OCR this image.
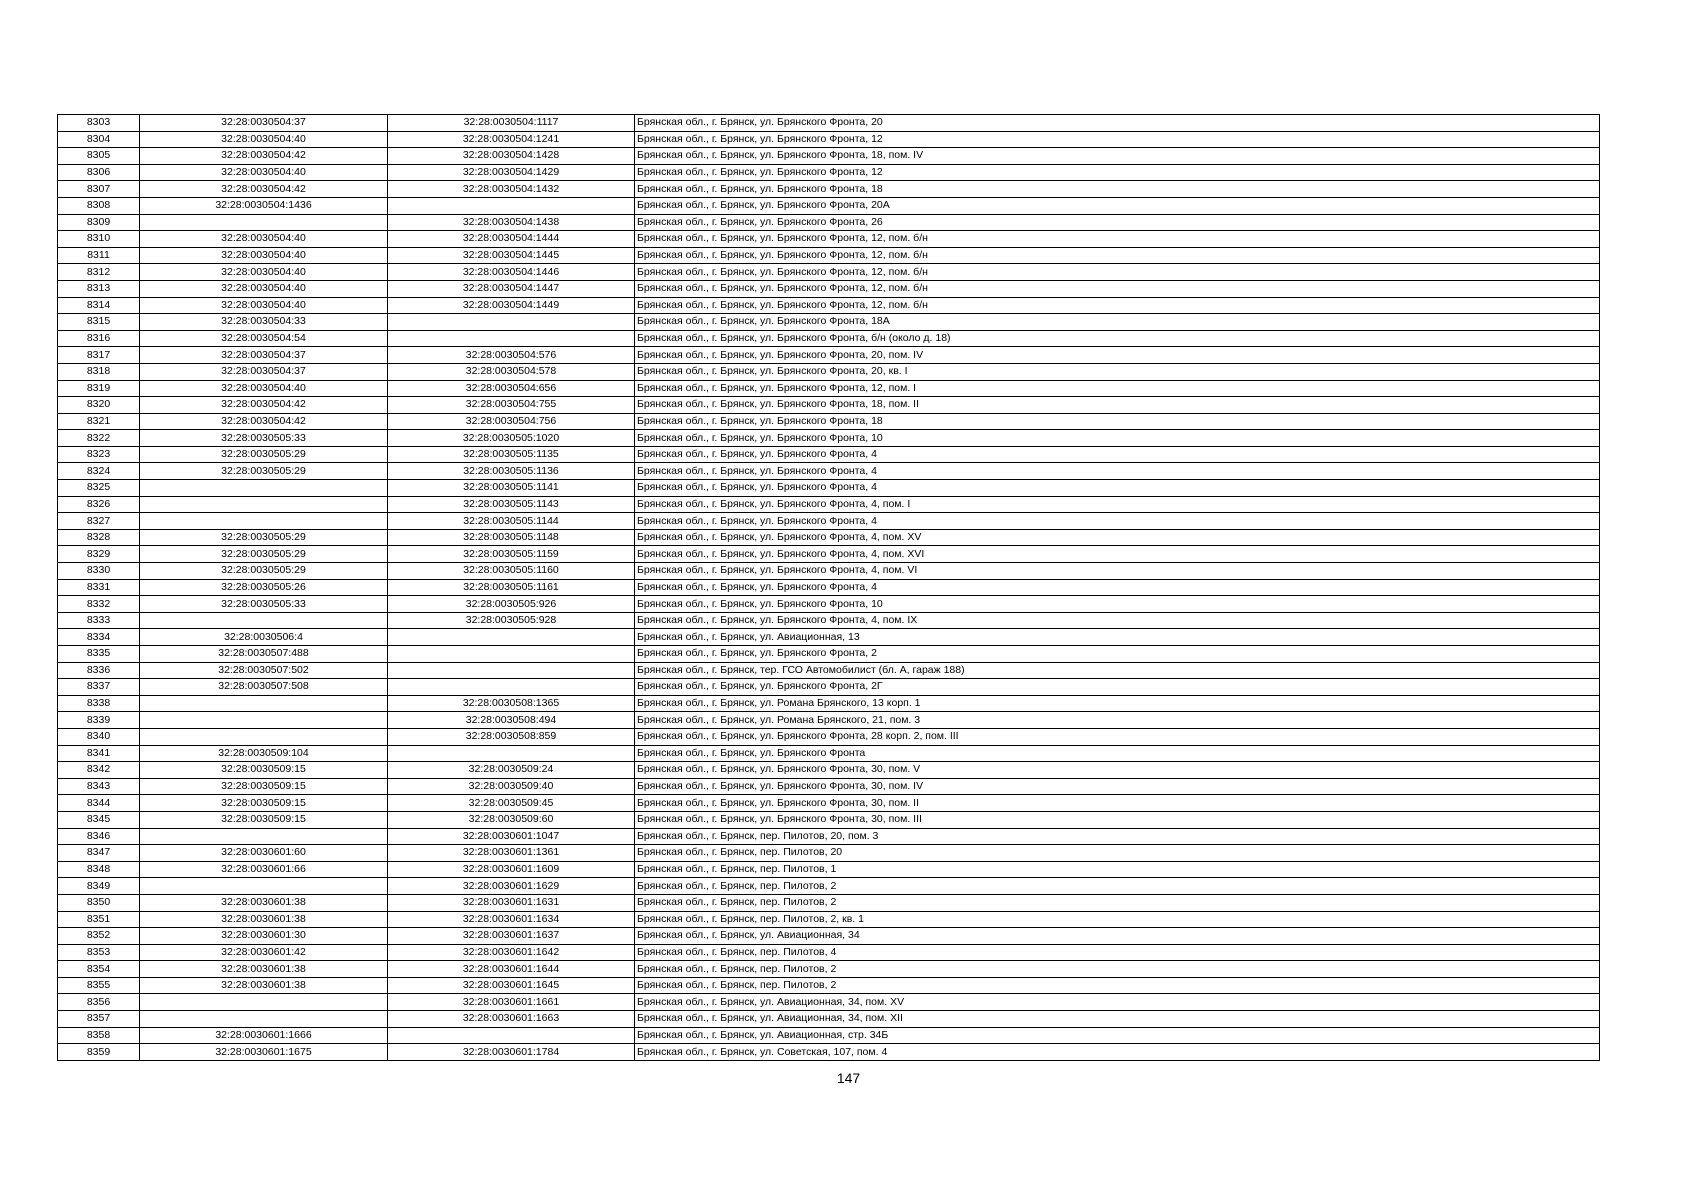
8303	32:28:0030504:37	32:28:0030504:1117	Брянская обл., г. Брянск, ул. Брянского Фронта, 20
8304	32:28:0030504:40	32:28:0030504:1241	Брянская обл., г. Брянск, ул. Брянского Фронта, 12
8305	32:28:0030504:42	32:28:0030504:1428	Брянская обл., г. Брянск, ул. Брянского Фронта, 18, пом. IV
8306	32:28:0030504:40	32:28:0030504:1429	Брянская обл., г. Брянск, ул. Брянского Фронта, 12
8307	32:28:0030504:42	32:28:0030504:1432	Брянская обл., г. Брянск, ул. Брянского Фронта, 18
8308	32:28:0030504:1436		Брянская обл., г. Брянск, ул. Брянского Фронта, 20А
8309		32:28:0030504:1438	Брянская обл., г. Брянск, ул. Брянского Фронта, 26
8310	32:28:0030504:40	32:28:0030504:1444	Брянская обл., г. Брянск, ул. Брянского Фронта, 12, пом. б/н
8311	32:28:0030504:40	32:28:0030504:1445	Брянская обл., г. Брянск, ул. Брянского Фронта, 12, пом. б/н
8312	32:28:0030504:40	32:28:0030504:1446	Брянская обл., г. Брянск, ул. Брянского Фронта, 12, пом. б/н
8313	32:28:0030504:40	32:28:0030504:1447	Брянская обл., г. Брянск, ул. Брянского Фронта, 12, пом. б/н
8314	32:28:0030504:40	32:28:0030504:1449	Брянская обл., г. Брянск, ул. Брянского Фронта, 12, пом. б/н
8315	32:28:0030504:33		Брянская обл., г. Брянск, ул. Брянского Фронта, 18А
8316	32:28:0030504:54		Брянская обл., г. Брянск, ул. Брянского Фронта, б/н (около д. 18)
8317	32:28:0030504:37	32:28:0030504:576	Брянская обл., г. Брянск, ул. Брянского Фронта, 20, пом. IV
8318	32:28:0030504:37	32:28:0030504:578	Брянская обл., г. Брянск, ул. Брянского Фронта, 20, кв. I
8319	32:28:0030504:40	32:28:0030504:656	Брянская обл., г. Брянск, ул. Брянского Фронта, 12, пом. I
8320	32:28:0030504:42	32:28:0030504:755	Брянская обл., г. Брянск, ул. Брянского Фронта, 18, пом. II
8321	32:28:0030504:42	32:28:0030504:756	Брянская обл., г. Брянск, ул. Брянского Фронта, 18
8322	32:28:0030505:33	32:28:0030505:1020	Брянская обл., г. Брянск, ул. Брянского Фронта, 10
8323	32:28:0030505:29	32:28:0030505:1135	Брянская обл., г. Брянск, ул. Брянского Фронта, 4
8324	32:28:0030505:29	32:28:0030505:1136	Брянская обл., г. Брянск, ул. Брянского Фронта, 4
8325		32:28:0030505:1141	Брянская обл., г. Брянск, ул. Брянского Фронта, 4
8326		32:28:0030505:1143	Брянская обл., г. Брянск, ул. Брянского Фронта, 4, пом. I
8327		32:28:0030505:1144	Брянская обл., г. Брянск, ул. Брянского Фронта, 4
8328	32:28:0030505:29	32:28:0030505:1148	Брянская обл., г. Брянск, ул. Брянского Фронта, 4, пом. XV
8329	32:28:0030505:29	32:28:0030505:1159	Брянская обл., г. Брянск, ул. Брянского Фронта, 4, пом. XVI
8330	32:28:0030505:29	32:28:0030505:1160	Брянская обл., г. Брянск, ул. Брянского Фронта, 4, пом. VI
8331	32:28:0030505:26	32:28:0030505:1161	Брянская обл., г. Брянск, ул. Брянского Фронта, 4
8332	32:28:0030505:33	32:28:0030505:926	Брянская обл., г. Брянск, ул. Брянского Фронта, 10
8333		32:28:0030505:928	Брянская обл., г. Брянск, ул. Брянского Фронта, 4, пом. IX
8334	32:28:0030506:4		Брянская обл., г. Брянск, ул. Авиационная, 13
8335	32:28:0030507:488		Брянская обл., г. Брянск, ул. Брянского Фронта, 2
8336	32:28:0030507:502		Брянская обл., г. Брянск, тер. ГСО Автомобилист (бл. А, гараж 188)
8337	32:28:0030507:508		Брянская обл., г. Брянск, ул. Брянского Фронта, 2Г
8338		32:28:0030508:1365	Брянская обл., г. Брянск, ул. Романа Брянского, 13 корп. 1
8339		32:28:0030508:494	Брянская обл., г. Брянск, ул. Романа Брянского, 21, пом. 3
8340		32:28:0030508:859	Брянская обл., г. Брянск, ул. Брянского Фронта, 28 корп. 2, пом. III
8341	32:28:0030509:104		Брянская обл., г. Брянск, ул. Брянского Фронта
8342	32:28:0030509:15	32:28:0030509:24	Брянская обл., г. Брянск, ул. Брянского Фронта, 30, пом. V
8343	32:28:0030509:15	32:28:0030509:40	Брянская обл., г. Брянск, ул. Брянского Фронта, 30, пом. IV
8344	32:28:0030509:15	32:28:0030509:45	Брянская обл., г. Брянск, ул. Брянского Фронта, 30, пом. II
8345	32:28:0030509:15	32:28:0030509:60	Брянская обл., г. Брянск, ул. Брянского Фронта, 30, пом. III
8346		32:28:0030601:1047	Брянская обл., г. Брянск, пер. Пилотов, 20, пом. 3
8347	32:28:0030601:60	32:28:0030601:1361	Брянская обл., г. Брянск, пер. Пилотов, 20
8348	32:28:0030601:66	32:28:0030601:1609	Брянская обл., г. Брянск, пер. Пилотов, 1
8349		32:28:0030601:1629	Брянская обл., г. Брянск, пер. Пилотов, 2
8350	32:28:0030601:38	32:28:0030601:1631	Брянская обл., г. Брянск, пер. Пилотов, 2
8351	32:28:0030601:38	32:28:0030601:1634	Брянская обл., г. Брянск, пер. Пилотов, 2, кв. 1
8352	32:28:0030601:30	32:28:0030601:1637	Брянская обл., г. Брянск, ул. Авиационная, 34
8353	32:28:0030601:42	32:28:0030601:1642	Брянская обл., г. Брянск, пер. Пилотов, 4
8354	32:28:0030601:38	32:28:0030601:1644	Брянская обл., г. Брянск, пер. Пилотов, 2
8355	32:28:0030601:38	32:28:0030601:1645	Брянская обл., г. Брянск, пер. Пилотов, 2
8356		32:28:0030601:1661	Брянская обл., г. Брянск, ул. Авиационная, 34, пом. XV
8357		32:28:0030601:1663	Брянская обл., г. Брянск, ул. Авиационная, 34, пом. XII
8358	32:28:0030601:1666		Брянская обл., г. Брянск, ул. Авиационная, стр. 34Б
8359	32:28:0030601:1675	32:28:0030601:1784	Брянская обл., г. Брянск, ул. Советская, 107, пом. 4
147
